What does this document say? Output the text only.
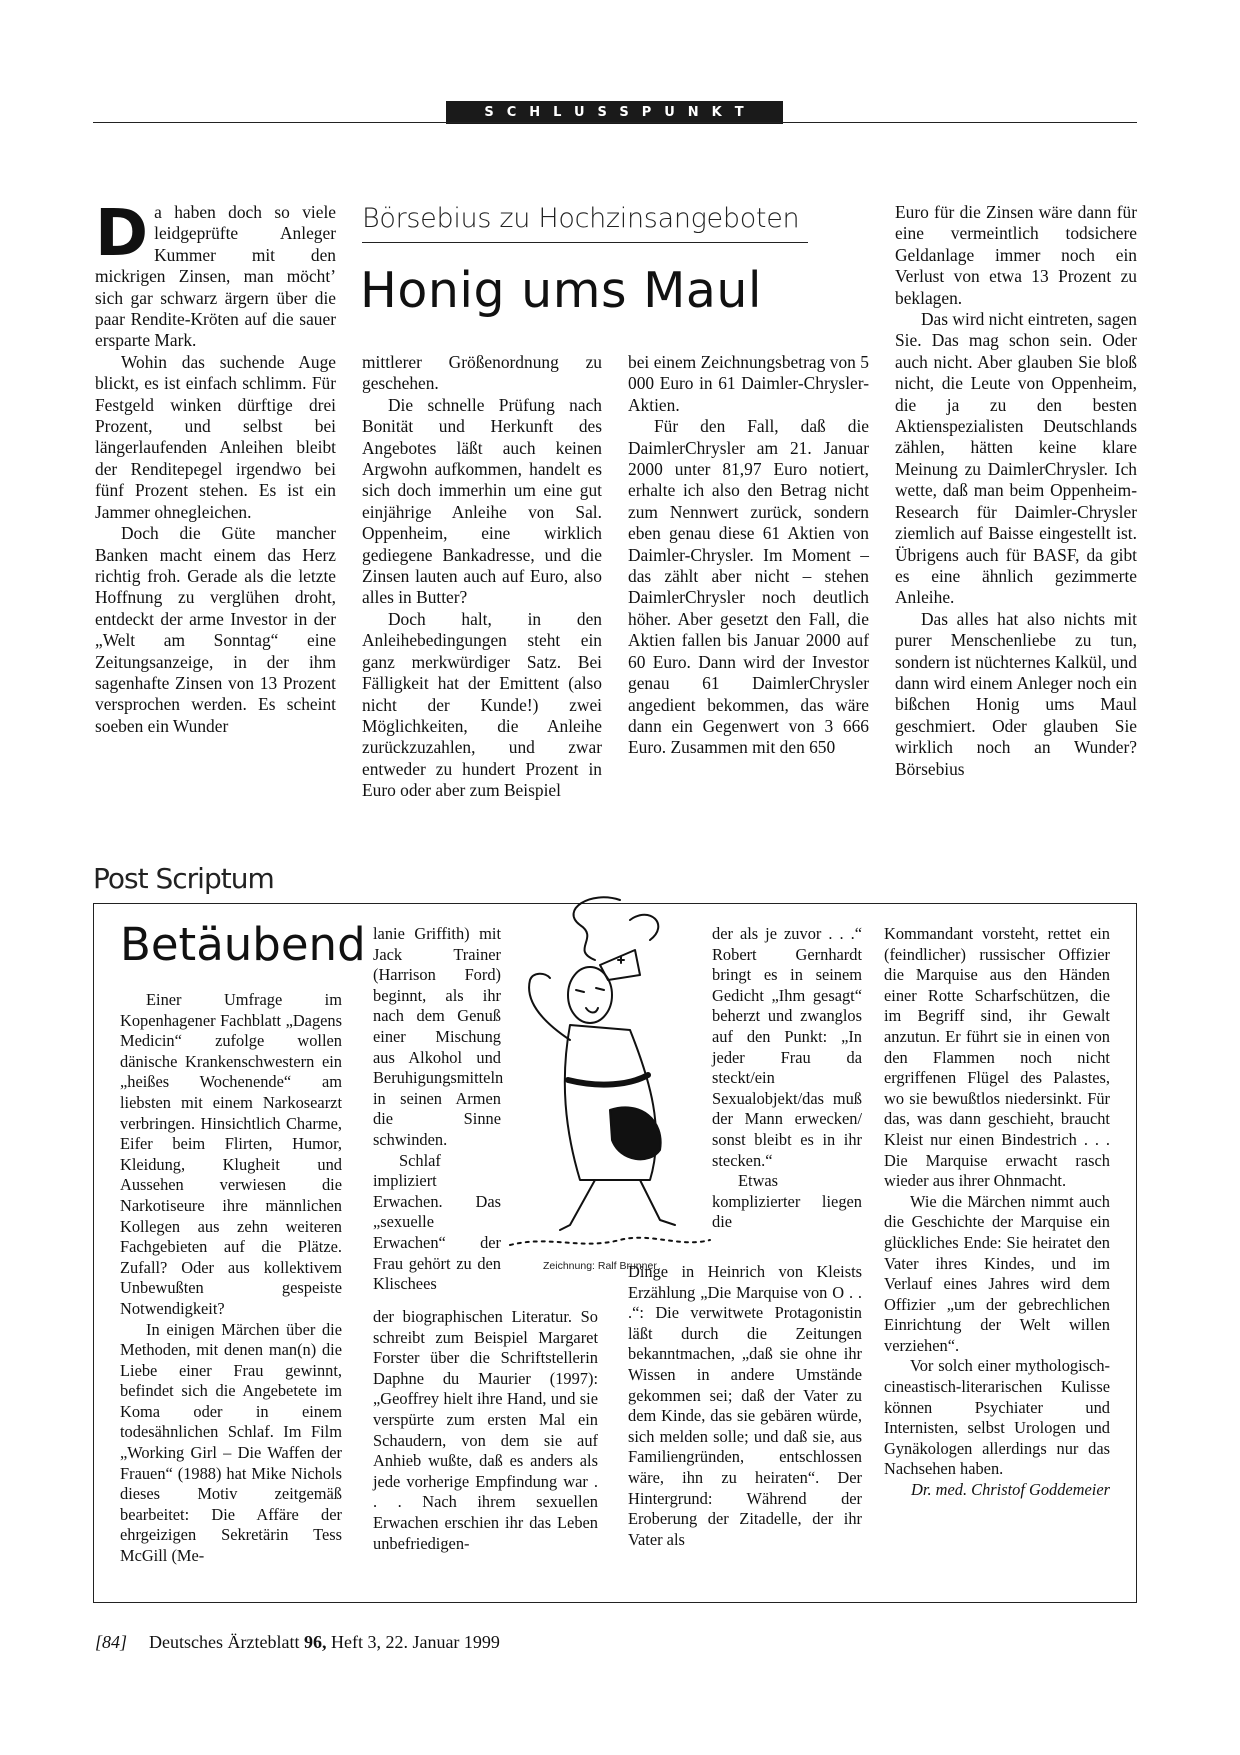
SCHLUSSPUNKT

Da haben doch so viele leidgeprüfte Anleger Kummer mit den mickrigen Zinsen, man möcht’ sich gar schwarz ärgern über die paar Rendite-Kröten auf die sauer ersparte Mark.

Wohin das suchende Auge blickt, es ist einfach schlimm. Für Festgeld winken dürftige drei Prozent, und selbst bei längerlaufenden Anleihen bleibt der Renditepegel irgendwo bei fünf Prozent stehen. Es ist ein Jammer ohnegleichen.

Doch die Güte mancher Banken macht einem das Herz richtig froh. Gerade als die letzte Hoffnung zu verglühen droht, entdeckt der arme Investor in der „Welt am Sonntag“ eine Zeitungsanzeige, in der ihm sagenhafte Zinsen von 13 Prozent versprochen werden. Es scheint soeben ein Wunder

Börsebius zu Hochzinsangeboten
Honig ums Maul

mittlerer Größenordnung zu geschehen.

Die schnelle Prüfung nach Bonität und Herkunft des Angebotes läßt auch keinen Argwohn aufkommen, handelt es sich doch immerhin um eine gut einjährige Anleihe von Sal. Oppenheim, eine wirklich gediegene Bankadresse, und die Zinsen lauten auch auf Euro, also alles in Butter?

Doch halt, in den Anleihebedingungen steht ein ganz merkwürdiger Satz. Bei Fälligkeit hat der Emittent (also nicht der Kunde!) zwei Möglichkeiten, die Anleihe zurückzuzahlen, und zwar entweder zu hundert Prozent in Euro oder aber zum Beispiel

bei einem Zeichnungsbetrag von 5 000 Euro in 61 Daimler-Chrysler-Aktien.

Für den Fall, daß die DaimlerChrysler am 21. Januar 2000 unter 81,97 Euro notiert, erhalte ich also den Betrag nicht zum Nennwert zurück, sondern eben genau diese 61 Aktien von Daimler-Chrysler. Im Moment – das zählt aber nicht – stehen DaimlerChrysler noch deutlich höher. Aber gesetzt den Fall, die Aktien fallen bis Januar 2000 auf 60 Euro. Dann wird der Investor genau 61 DaimlerChrysler angedient bekommen, das wäre dann ein Gegenwert von 3 666 Euro. Zusammen mit den 650

Euro für die Zinsen wäre dann für eine vermeintlich todsichere Geldanlage immer noch ein Verlust von etwa 13 Prozent zu beklagen.

Das wird nicht eintreten, sagen Sie. Das mag schon sein. Oder auch nicht. Aber glauben Sie bloß nicht, die Leute von Oppenheim, die ja zu den besten Aktienspezialisten Deutschlands zählen, hätten keine klare Meinung zu DaimlerChrysler. Ich wette, daß man beim Oppenheim-Research für Daimler-Chrysler ziemlich auf Baisse eingestellt ist. Übrigens auch für BASF, da gibt es eine ähnlich gezimmerte Anleihe.

Das alles hat also nichts mit purer Menschenliebe zu tun, sondern ist nüchternes Kalkül, und dann wird einem Anleger noch ein bißchen Honig ums Maul geschmiert. Oder glauben Sie wirklich noch an Wunder? Börsebius

Post Scriptum
Betäubend

Einer Umfrage im Kopenhagener Fachblatt „Dagens Medicin“ zufolge wollen dänische Krankenschwestern ein „heißes Wochenende“ am liebsten mit einem Narkosearzt verbringen. Hinsichtlich Charme, Eifer beim Flirten, Humor, Kleidung, Klugheit und Aussehen verwiesen die Narkotiseure ihre männlichen Kollegen aus zehn weiteren Fachgebieten auf die Plätze. Zufall? Oder aus kollektivem Unbewußten gespeiste Notwendigkeit?

In einigen Märchen über die Methoden, mit denen man(n) die Liebe einer Frau gewinnt, befindet sich die Angebetete im Koma oder in einem todesähnlichen Schlaf. Im Film „Working Girl – Die Waffen der Frauen“ (1988) hat Mike Nichols dieses Motiv zeitgemäß bearbeitet: Die Affäre der ehrgeizigen Sekretärin Tess McGill (Me-

lanie Griffith) mit Jack Trainer (Harrison Ford) beginnt, als ihr nach dem Genuß einer Mischung aus Alkohol und Beruhigungsmitteln in seinen Armen die Sinne schwinden.

Schlaf impliziert Erwachen. Das „sexuelle Erwachen“ der Frau gehört zu den Klischees

der biographischen Literatur. So schreibt zum Beispiel Margaret Forster über die Schriftstellerin Daphne du Maurier (1997): „Geoffrey hielt ihre Hand, und sie verspürte zum ersten Mal ein Schaudern, von dem sie auf Anhieb wußte, daß es anders als jede vorherige Empfindung war . . . Nach ihrem sexuellen Erwachen erschien ihr das Leben unbefriedigen-

der als je zuvor . . .“ Robert Gernhardt bringt es in seinem Gedicht „Ihm gesagt“ beherzt und zwanglos auf den Punkt: „In jeder Frau da steckt/ein Sexualobjekt/das muß der Mann erwecken/ sonst bleibt es in ihr stecken.“

Etwas komplizierter liegen die

Dinge in Heinrich von Kleists Erzählung „Die Marquise von O . . .“: Die verwitwete Protagonistin läßt durch die Zeitungen bekanntmachen, „daß sie ohne ihr Wissen in andere Umstände gekommen sei; daß der Vater zu dem Kinde, das sie gebären würde, sich melden solle; und daß sie, aus Familiengründen, entschlossen wäre, ihn zu heiraten“. Der Hintergrund: Während der Eroberung der Zitadelle, der ihr Vater als

Kommandant vorsteht, rettet ein (feindlicher) russischer Offizier die Marquise aus den Händen einer Rotte Scharfschützen, die im Begriff sind, ihr Gewalt anzutun. Er führt sie in einen von den Flammen noch nicht ergriffenen Flügel des Palastes, wo sie bewußtlos niedersinkt. Für das, was dann geschieht, braucht Kleist nur einen Bindestrich . . . Die Marquise erwacht rasch wieder aus ihrer Ohnmacht.

Wie die Märchen nimmt auch die Geschichte der Marquise ein glückliches Ende: Sie heiratet den Vater ihres Kindes, und im Verlauf eines Jahres wird dem Offizier „um der gebrechlichen Einrichtung der Welt willen verziehen“.

Vor solch einer mythologisch-cineastisch-literarischen Kulisse können Psychiater und Internisten, selbst Urologen und Gynäkologen allerdings nur das Nachsehen haben.

Dr. med. Christof Goddemeier

Zeichnung: Ralf Brunner
[84] Deutsches Ärzteblatt 96, Heft 3, 22. Januar 1999
